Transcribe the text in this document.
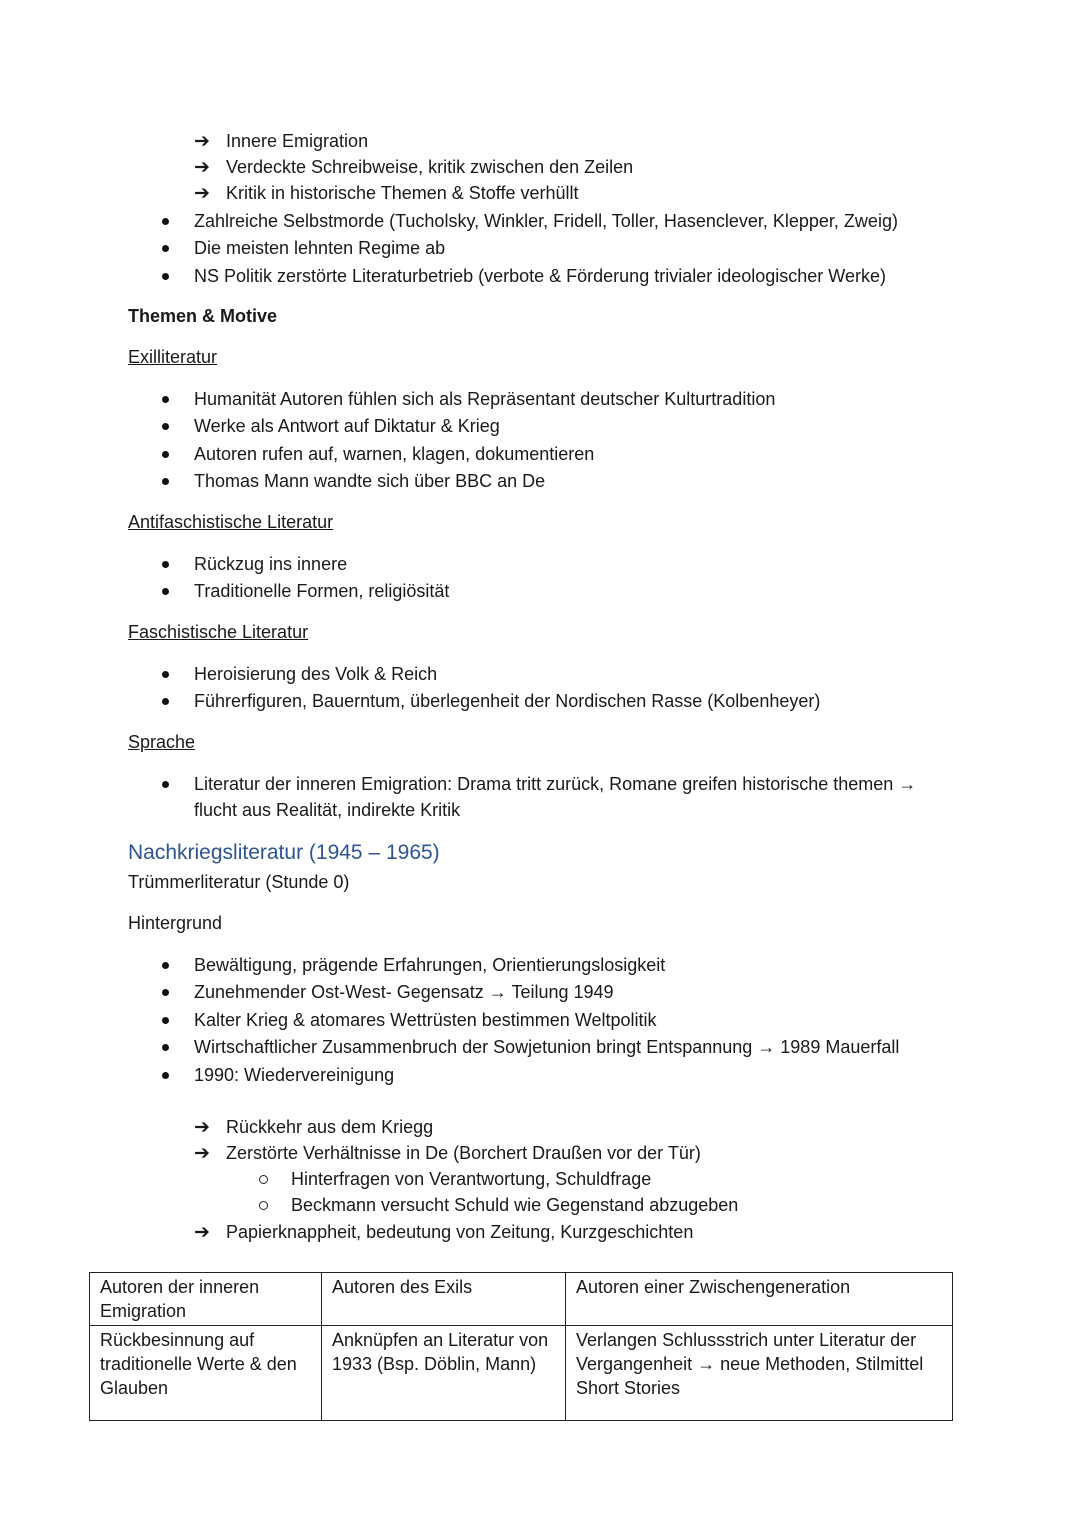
➔ Innere Emigration
➔ Verdeckte Schreibweise, kritik zwischen den Zeilen
➔ Kritik in historische Themen & Stoffe verhüllt
Zahlreiche Selbstmorde (Tucholsky, Winkler, Fridell, Toller, Hasenclever, Klepper, Zweig)
Die meisten lehnten Regime ab
NS Politik zerstörte Literaturbetrieb (verbote & Förderung trivialer ideologischer Werke)
Themen & Motive
Exilliteratur
Humanität Autoren fühlen sich als Repräsentant deutscher Kulturtradition
Werke als Antwort auf Diktatur & Krieg
Autoren rufen auf, warnen, klagen, dokumentieren
Thomas Mann wandte sich über BBC an De
Antifaschistische Literatur
Rückzug ins innere
Traditionelle Formen, religiösität
Faschistische Literatur
Heroisierung des Volk & Reich
Führerfiguren, Bauerntum, überlegenheit der Nordischen Rasse (Kolbenheyer)
Sprache
Literatur der inneren Emigration: Drama tritt zurück, Romane greifen historische themen →
flucht aus Realität, indirekte Kritik
Nachkriegsliteratur (1945 – 1965)
Trümmerliteratur (Stunde 0)
Hintergrund
Bewältigung, prägende Erfahrungen, Orientierungslosigkeit
Zunehmender Ost-West- Gegensatz → Teilung 1949
Kalter Krieg & atomares Wettrüsten bestimmen Weltpolitik
Wirtschaftlicher Zusammenbruch der Sowjetunion bringt Entspannung → 1989 Mauerfall
1990: Wiedervereinigung
➔ Rückkehr aus dem Kriegg
➔ Zerstörte Verhältnisse in De (Borchert Draußen vor der Tür)
Hinterfragen von Verantwortung, Schuldfrage
Beckmann versucht Schuld wie Gegenstand abzugeben
➔ Papierknappheit, bedeutung von Zeitung, Kurzgeschichten
Autoren der inneren Emigration	Autoren des Exils	Autoren einer Zwischengeneration
Rückbesinnung auf traditionelle Werte & den Glauben	Anknüpfen an Literatur von 1933 (Bsp. Döblin, Mann)	Verlangen Schlussstrich unter Literatur der Vergangenheit → neue Methoden, Stilmittel Short Stories
